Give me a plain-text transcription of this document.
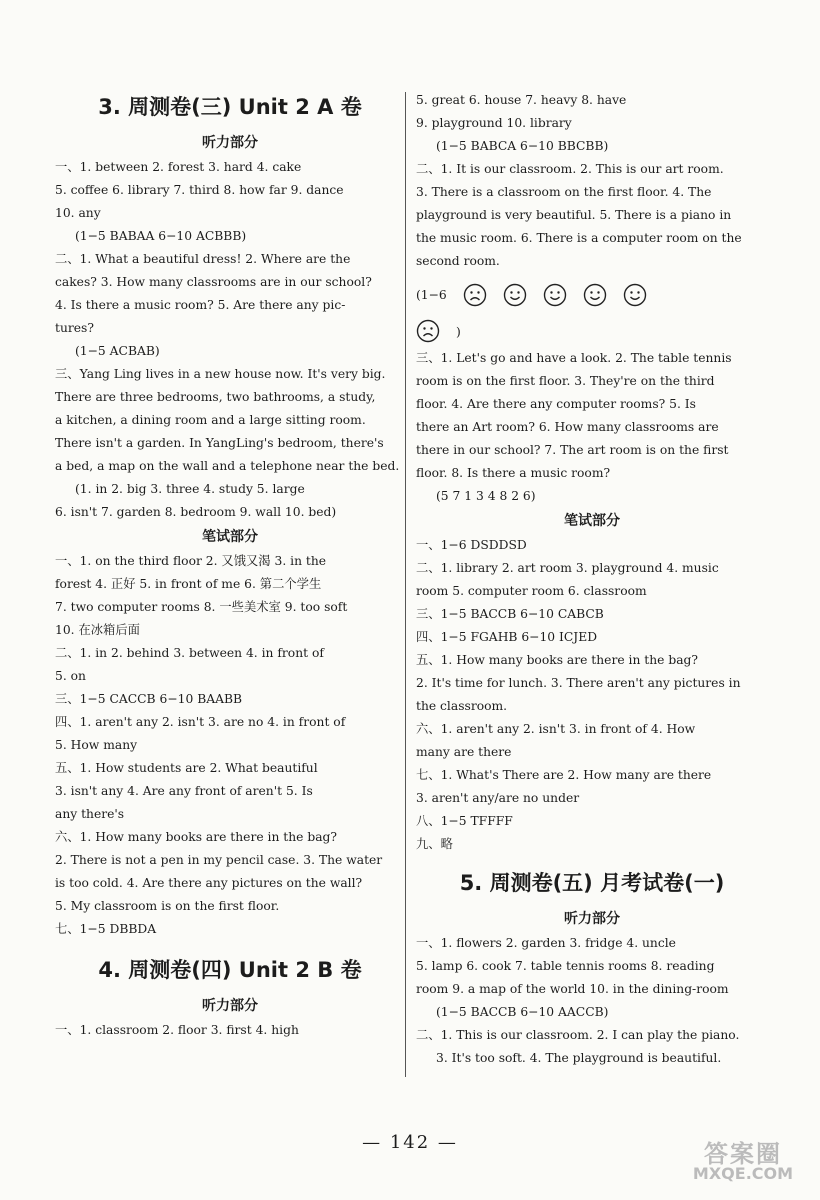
3. 周测卷(三) Unit 2 A 卷
听力部分
一、1. between 2. forest 3. hard 4. cake
5. coffee 6. library 7. third 8. how far 9. dance
10. any
(1−5 BABAA 6−10 ACBBB)
二、1. What a beautiful dress! 2. Where are the
cakes? 3. How many classrooms are in our school?
4. Is there a music room? 5. Are there any pic-
tures?
(1−5 ACBAB)
三、Yang Ling lives in a new house now. It's very big.
There are three bedrooms, two bathrooms, a study,
a kitchen, a dining room and a large sitting room.
There isn't a garden. In YangLing's bedroom, there's
a bed, a map on the wall and a telephone near the bed.
(1. in 2. big 3. three 4. study 5. large
6. isn't 7. garden 8. bedroom 9. wall 10. bed)
笔试部分
一、1. on the third floor 2. 又饿又渴 3. in the
forest 4. 正好 5. in front of me 6. 第二个学生
7. two computer rooms 8. 一些美术室 9. too soft
10. 在冰箱后面
二、1. in 2. behind 3. between 4. in front of
5. on
三、1−5 CACCB 6−10 BAABB
四、1. aren't any 2. isn't 3. are no 4. in front of
5. How many
五、1. How students are 2. What beautiful
3. isn't any 4. Are any front of aren't 5. Is
any there's
六、1. How many books are there in the bag?
2. There is not a pen in my pencil case. 3. The water
is too cold. 4. Are there any pictures on the wall?
5. My classroom is on the first floor.
七、1−5 DBBDA
4. 周测卷(四) Unit 2 B 卷
听力部分
一、1. classroom 2. floor 3. first 4. high
5. great 6. house 7. heavy 8. have
9. playground 10. library
(1−5 BABCA 6−10 BBCBB)
二、1. It is our classroom. 2. This is our art room.
3. There is a classroom on the first floor. 4. The
playground is very beautiful. 5. There is a piano in
the music room. 6. There is a computer room on the
second room.
(1−6
)
三、1. Let's go and have a look. 2. The table tennis
room is on the first floor. 3. They're on the third
floor. 4. Are there any computer rooms? 5. Is
there an Art room? 6. How many classrooms are
there in our school? 7. The art room is on the first
floor. 8. Is there a music room?
(5 7 1 3 4 8 2 6)
笔试部分
一、1−6 DSDDSD
二、1. library 2. art room 3. playground 4. music
room 5. computer room 6. classroom
三、1−5 BACCB 6−10 CABCB
四、1−5 FGAHB 6−10 ICJED
五、1. How many books are there in the bag?
2. It's time for lunch. 3. There aren't any pictures in
the classroom.
六、1. aren't any 2. isn't 3. in front of 4. How
many are there
七、1. What's There are 2. How many are there
3. aren't any/are no under
八、1−5 TFFFF
九、略
5. 周测卷(五) 月考试卷(一)
听力部分
一、1. flowers 2. garden 3. fridge 4. uncle
5. lamp 6. cook 7. table tennis rooms 8. reading
room 9. a map of the world 10. in the dining-room
(1−5 BACCB 6−10 AACCB)
二、1. This is our classroom. 2. I can play the piano.
3. It's too soft. 4. The playground is beautiful.
— 142 —	答案圈
MXQE.COM
